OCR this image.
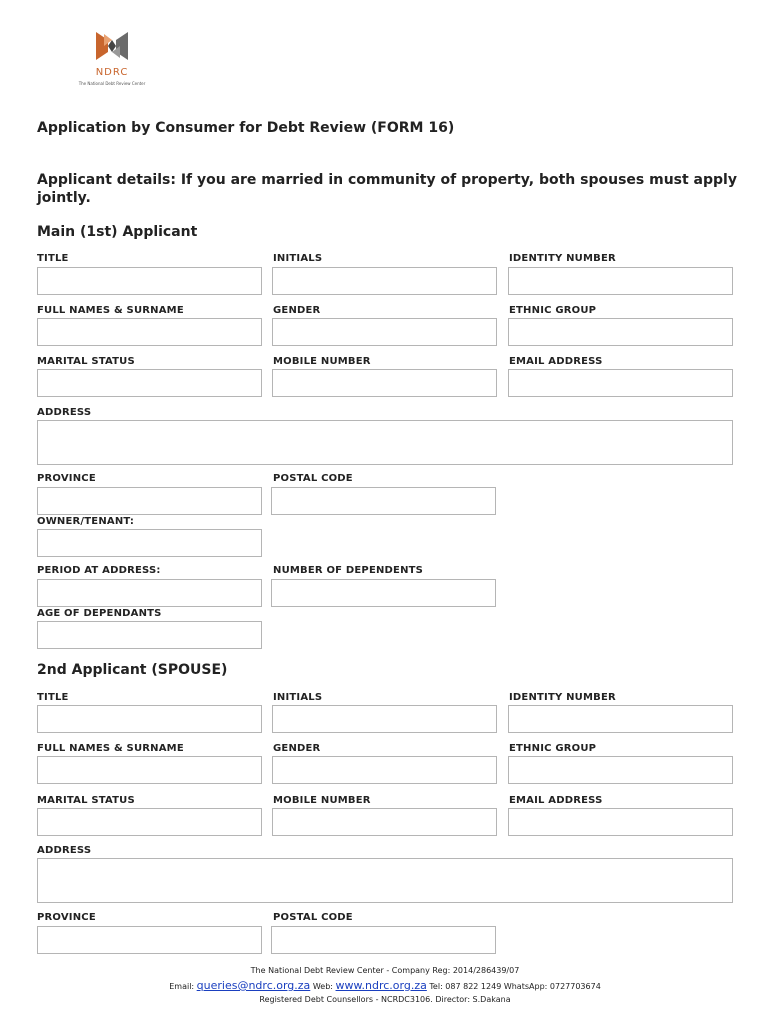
NDRC
The National Debt Review Center
Application by Consumer for Debt Review (FORM 16)
Applicant details: If you are married in community of property, both spouses must apply jointly.
Main (1st) Applicant
TITLE	INITIALS	IDENTITY NUMBER
FULL NAMES & SURNAME	GENDER	ETHNIC GROUP
MARITAL STATUS	MOBILE NUMBER	EMAIL ADDRESS
ADDRESS
PROVINCE	POSTAL CODE
OWNER/TENANT:
PERIOD AT ADDRESS:	NUMBER OF DEPENDENTS
AGE OF DEPENDANTS
2nd Applicant (SPOUSE)
TITLE	INITIALS	IDENTITY NUMBER
FULL NAMES & SURNAME	GENDER	ETHNIC GROUP
MARITAL STATUS	MOBILE NUMBER	EMAIL ADDRESS
ADDRESS
PROVINCE	POSTAL CODE
The National Debt Review Center - Company Reg: 2014/286439/07
Email: queries@ndrc.org.za Web: www.ndrc.org.za Tel: 087 822 1249 WhatsApp: 0727703674
Registered Debt Counsellors - NCRDC3106. Director: S.Dakana
